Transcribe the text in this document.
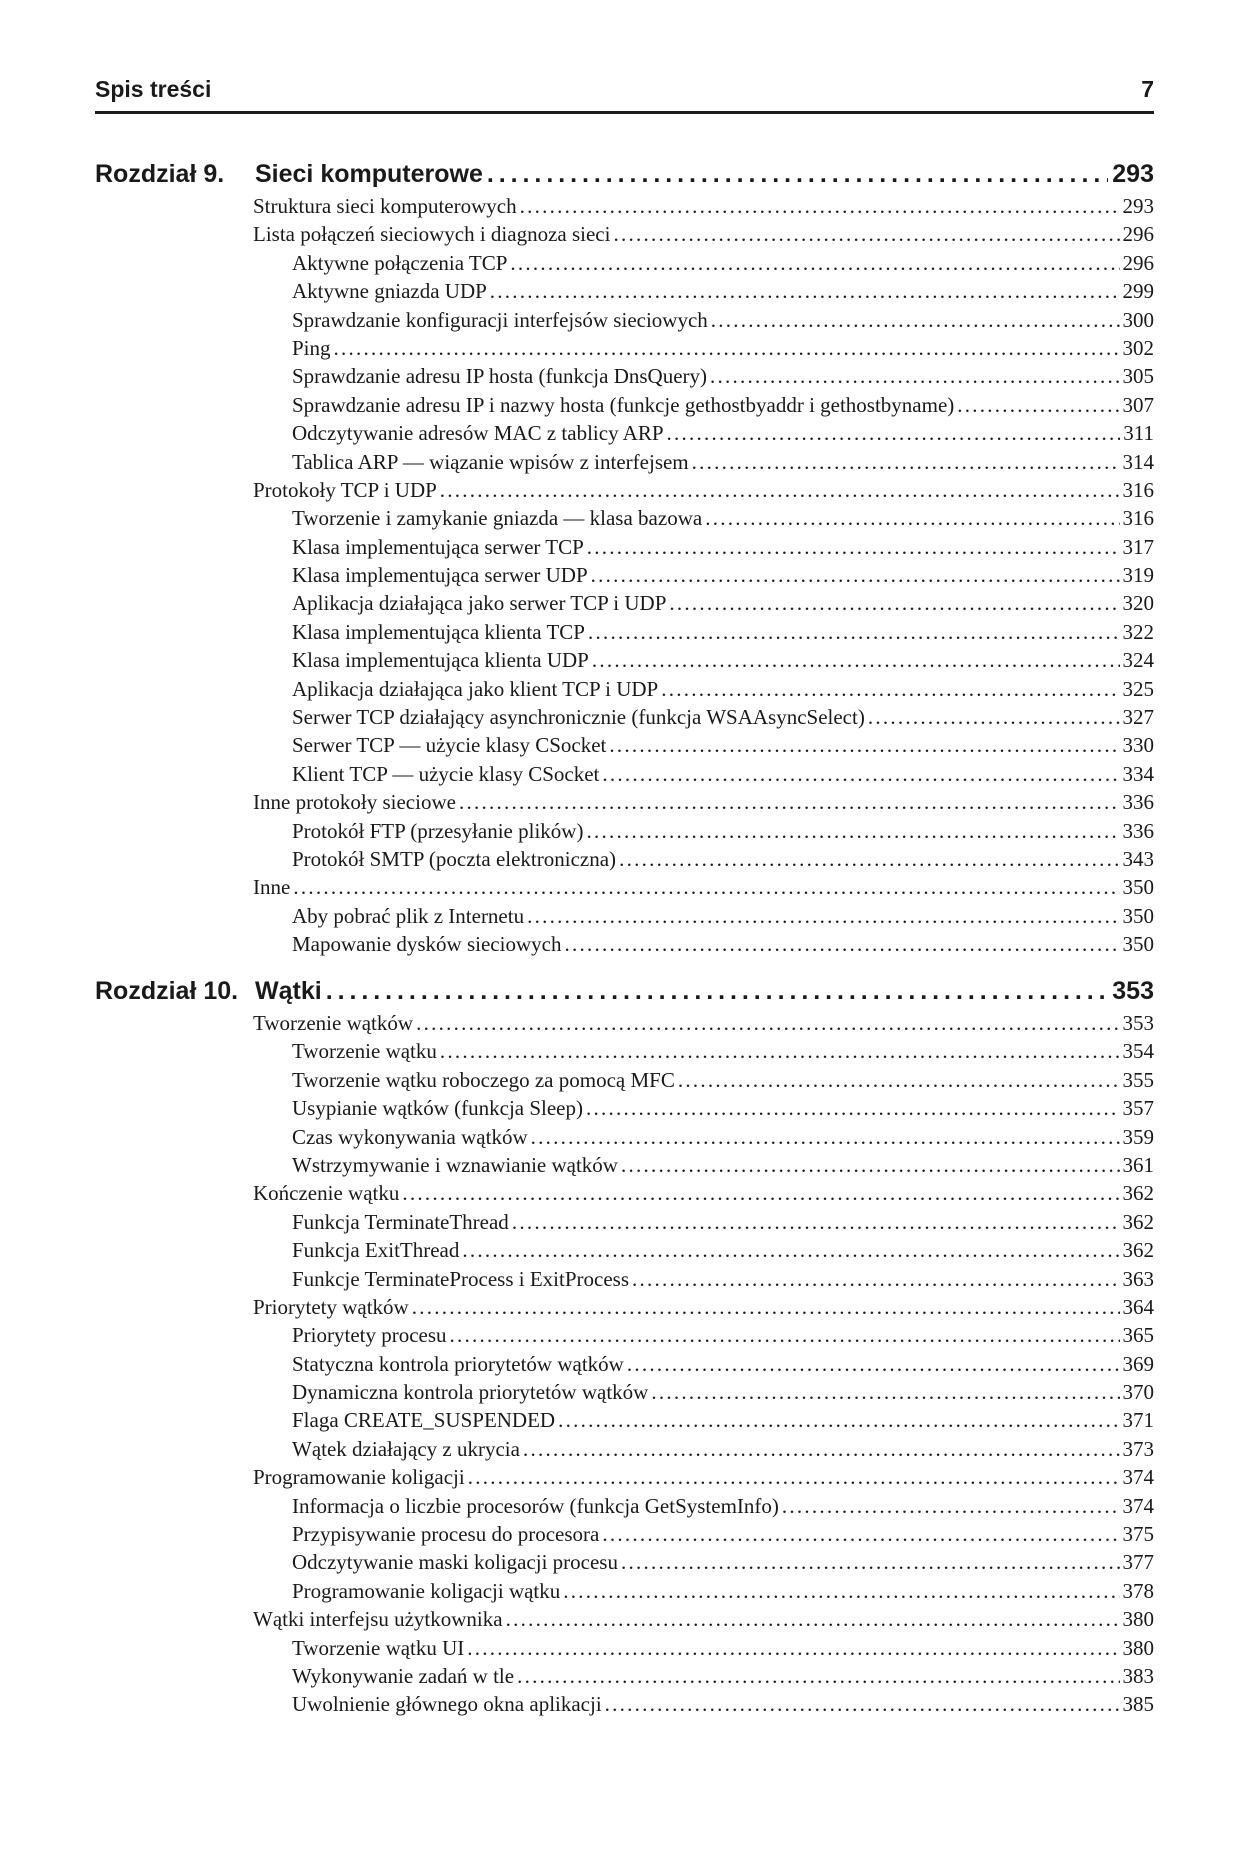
Spis treści	7
Rozdział 9.	Sieci komputerowe . . .	293
Struktura sieci komputerowych . . .	293
Lista połączeń sieciowych i diagnoza sieci . . .	296
Aktywne połączenia TCP . . .	296
Aktywne gniazda UDP . . .	299
Sprawdzanie konfiguracji interfejsów sieciowych . . .	300
Ping . . .	302
Sprawdzanie adresu IP hosta (funkcja DnsQuery) . . .	305
Sprawdzanie adresu IP i nazwy hosta (funkcje gethostbyaddr i gethostbyname) . . .	307
Odczytywanie adresów MAC z tablicy ARP . . .	311
Tablica ARP — wiązanie wpisów z interfejsem . . .	314
Protokoły TCP i UDP . . .	316
Tworzenie i zamykanie gniazda — klasa bazowa . . .	316
Klasa implementująca serwer TCP . . .	317
Klasa implementująca serwer UDP . . .	319
Aplikacja działająca jako serwer TCP i UDP . . .	320
Klasa implementująca klienta TCP . . .	322
Klasa implementująca klienta UDP . . .	324
Aplikacja działająca jako klient TCP i UDP . . .	325
Serwer TCP działający asynchronicznie (funkcja WSAAsyncSelect) . . .	327
Serwer TCP — użycie klasy CSocket . . .	330
Klient TCP — użycie klasy CSocket . . .	334
Inne protokoły sieciowe . . .	336
Protokół FTP (przesyłanie plików) . . .	336
Protokół SMTP (poczta elektroniczna) . . .	343
Inne . . .	350
Aby pobrać plik z Internetu . . .	350
Mapowanie dysków sieciowych . . .	350
Rozdział 10. Wątki . . .	353
Tworzenie wątków . . .	353
Tworzenie wątku . . .	354
Tworzenie wątku roboczego za pomocą MFC . . .	355
Usypianie wątków (funkcja Sleep) . . .	357
Czas wykonywania wątków . . .	359
Wstrzymywanie i wznawianie wątków . . .	361
Kończenie wątku . . .	362
Funkcja TerminateThread . . .	362
Funkcja ExitThread . . .	362
Funkcje TerminateProcess i ExitProcess . . .	363
Priorytety wątków . . .	364
Priorytety procesu . . .	365
Statyczna kontrola priorytetów wątków . . .	369
Dynamiczna kontrola priorytetów wątków . . .	370
Flaga CREATE_SUSPENDED . . .	371
Wątek działający z ukrycia . . .	373
Programowanie koligacji . . .	374
Informacja o liczbie procesorów (funkcja GetSystemInfo) . . .	374
Przypisywanie procesu do procesora . . .	375
Odczytywanie maski koligacji procesu . . .	377
Programowanie koligacji wątku . . .	378
Wątki interfejsu użytkownika . . .	380
Tworzenie wątku UI . . .	380
Wykonywanie zadań w tle . . .	383
Uwolnienie głównego okna aplikacji . . .	385
